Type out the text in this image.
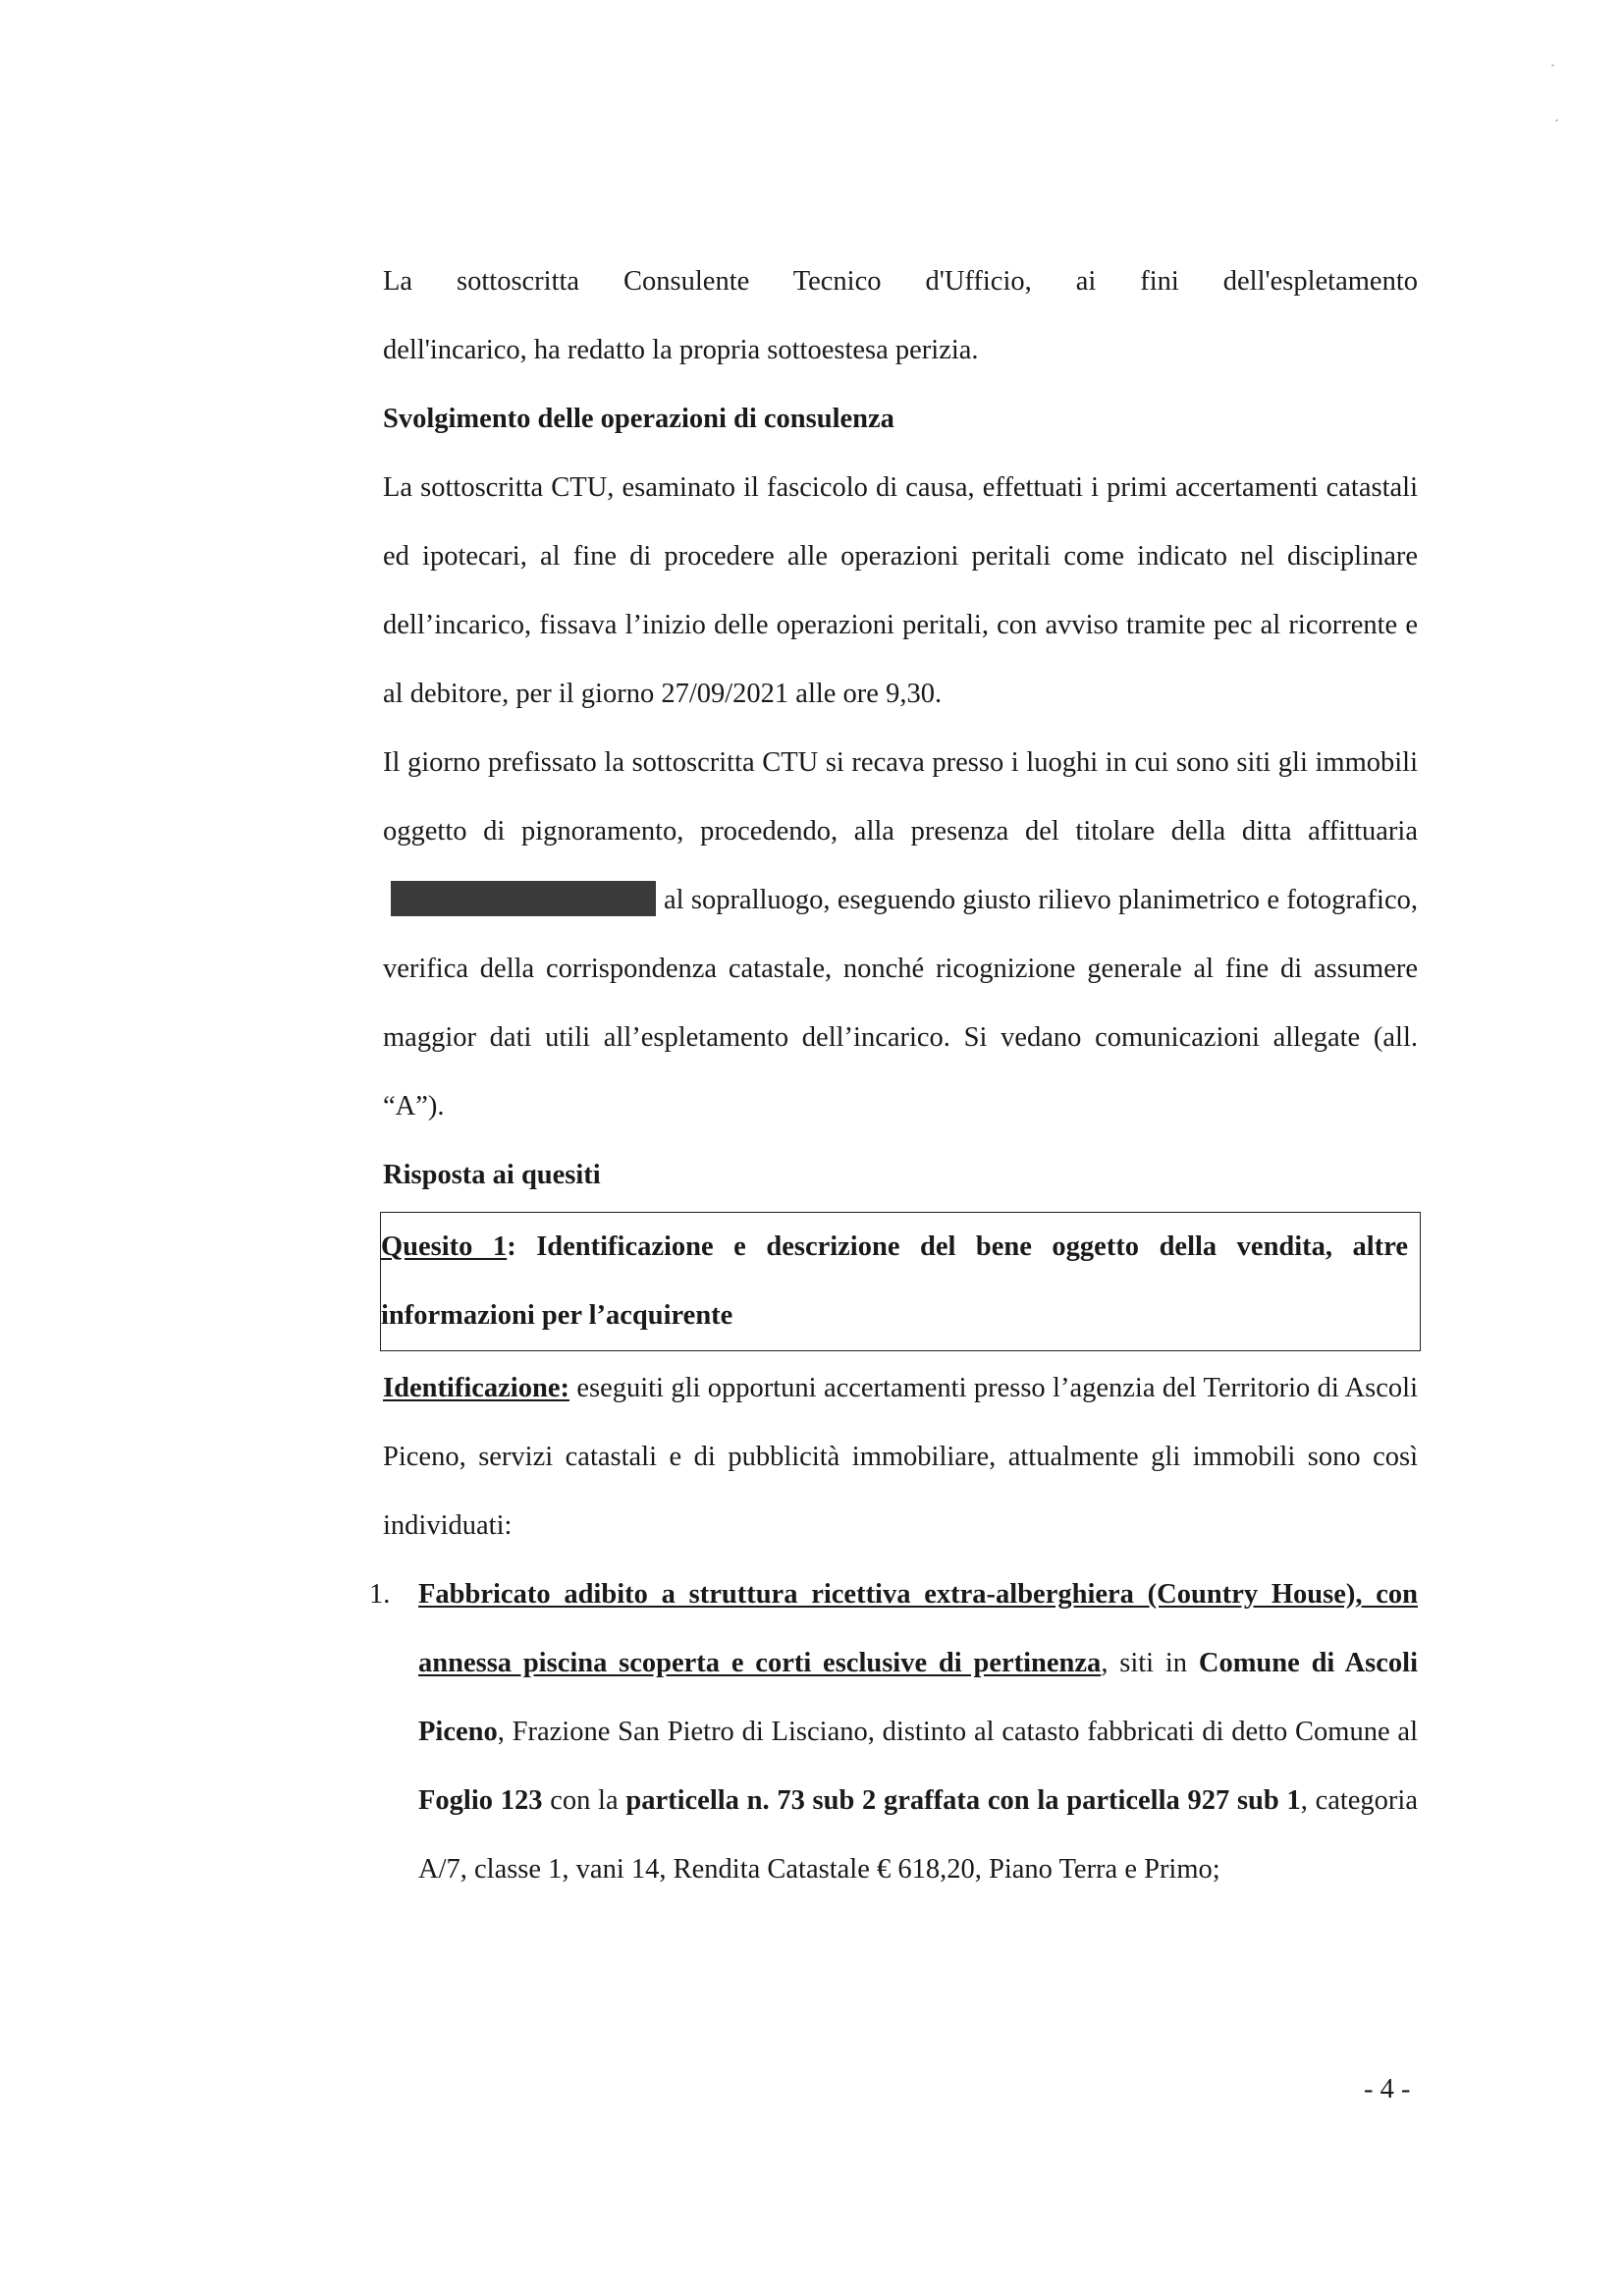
La sottoscritta Consulente Tecnico d'Ufficio, ai fini dell'espletamento
dell'incarico, ha redatto la propria sottoestesa perizia.

Svolgimento delle operazioni di consulenza

La sottoscritta CTU, esaminato il fascicolo di causa, effettuati i primi accertamenti catastali ed ipotecari, al fine di procedere alle operazioni peritali come indicato nel disciplinare dell’incarico, fissava l’inizio delle operazioni peritali, con avviso tramite pec al ricorrente e al debitore, per il giorno 27/09/2021 alle ore 9,30.

Il giorno prefissato la sottoscritta CTU si recava presso i luoghi in cui sono siti gli immobili oggetto di pignoramento, procedendo, alla presenza del titolare della ditta affittuariaal sopralluogo, eseguendo giusto rilievo planimetrico e fotografico, verifica della corrispondenza catastale, nonché ricognizione generale al fine di assumere maggior dati utili all’espletamento dell’incarico. Si vedano comunicazioni allegate (all. “A”).

Risposta ai quesiti

Quesito 1: Identificazione e descrizione del bene oggetto della vendita, altre informazioni per l’acquirente

Identificazione: eseguiti gli opportuni accertamenti presso l’agenzia del Territorio di Ascoli Piceno, servizi catastali e di pubblicità immobiliare, attualmente gli immobili sono così individuati:

1. Fabbricato adibito a struttura ricettiva extra-alberghiera (Country House), con annessa piscina scoperta e corti esclusive di pertinenza, siti in Comune di Ascoli Piceno, Frazione San Pietro di Lisciano, distinto al catasto fabbricati di detto Comune al Foglio 123 con la particella n. 73 sub 2 graffata con la particella 927 sub 1, categoria A/7, classe 1, vani 14, Rendita Catastale € 618,20, Piano Terra e Primo;

- 4 -
